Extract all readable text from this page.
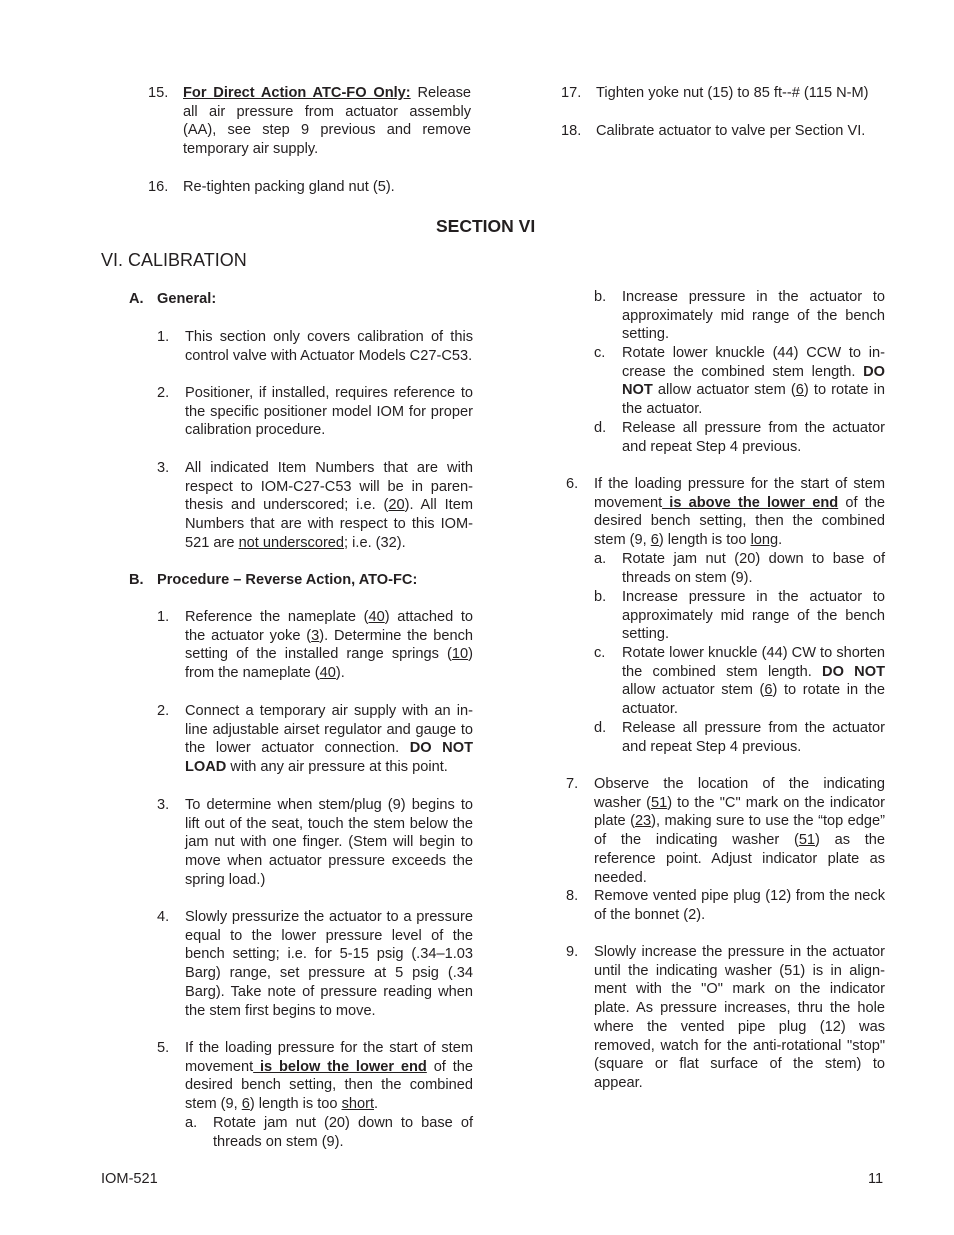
15. For Direct Action ATC-FO Only: Release all air pressure from actuator assembly (AA), see step 9 previous and remove temporary air supply.
16. Re-tighten packing gland nut (5).
17. Tighten yoke nut (15) to 85 ft--# (115 N-M)
18. Calibrate actuator to valve per Section VI.
SECTION VI
VI. CALIBRATION
A. General:
1. This section only covers calibration of this control valve with Actuator Models C27-C53.
2. Positioner, if installed, requires reference to the specific positioner model IOM for proper calibration procedure.
3. All indicated Item Numbers that are with respect to IOM-C27-C53 will be in paren-thesis and underscored; i.e. (20). All Item Numbers that are with respect to this IOM-521 are not underscored; i.e. (32).
B. Procedure – Reverse Action, ATO-FC:
1. Reference the nameplate (40) attached to the actuator yoke (3). Determine the bench setting of the installed range springs (10) from the nameplate (40).
2. Connect a temporary air supply with an in-line adjustable airset regulator and gauge to the lower actuator connection. DO NOT LOAD with any air pressure at this point.
3. To determine when stem/plug (9) begins to lift out of the seat, touch the stem below the jam nut with one finger. (Stem will begin to move when actuator pressure exceeds the spring load.)
4. Slowly pressurize the actuator to a pressure equal to the lower pressure level of the bench setting; i.e. for 5-15 psig (.34–1.03 Barg) range, set pressure at 5 psig (.34 Barg). Take note of pressure reading when the stem first begins to move.
5. If the loading pressure for the start of stem movement is below the lower end of the desired bench setting, then the combined stem (9, 6) length is too short.
a. Rotate jam nut (20) down to base of threads on stem (9).
b. Increase pressure in the actuator to approximately mid range of the bench setting.
c. Rotate lower knuckle (44) CCW to in-crease the combined stem length. DO NOT allow actuator stem (6) to rotate in the actuator.
d. Release all pressure from the actuator and repeat Step 4 previous.
6. If the loading pressure for the start of stem movement is above the lower end of the desired bench setting, then the combined stem (9, 6) length is too long.
a. Rotate jam nut (20) down to base of threads on stem (9).
b. Increase pressure in the actuator to approximately mid range of the bench setting.
c. Rotate lower knuckle (44) CW to shorten the combined stem length. DO NOT allow actuator stem (6) to rotate in the actuator.
d. Release all pressure from the actuator and repeat Step 4 previous.
7. Observe the location of the indicating washer (51) to the "C" mark on the indicator plate (23), making sure to use the “top edge” of the indicating washer (51) as the reference point. Adjust indicator plate as needed.
8. Remove vented pipe plug (12) from the neck of the bonnet (2).
9. Slowly increase the pressure in the actuator until the indicating washer (51) is in align-ment with the "O" mark on the indicator plate. As pressure increases, thru the hole where the vented pipe plug (12) was removed, watch for the anti-rotational "stop" (square or flat surface of the stem) to appear.
IOM-521	11
